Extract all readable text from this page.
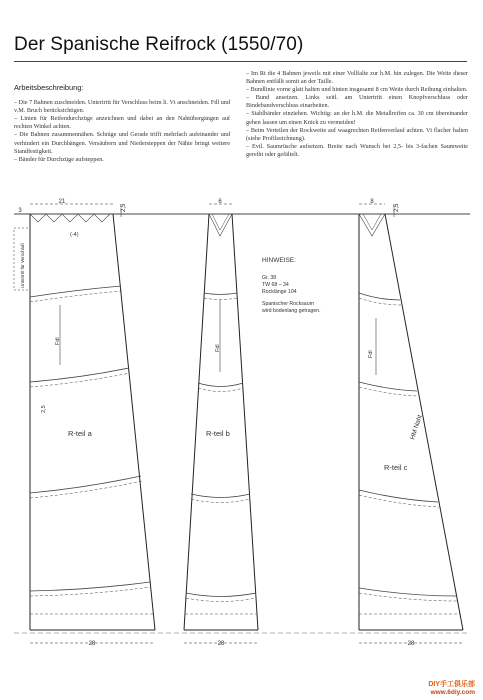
Der Spanische Reifrock (1550/70)
Arbeitsbeschreibung:

– Die 7 Bahnen zuschneiden. Untertritt für Verschluss beim li. Vt anschneiden. Fdl und v.M. Bruch berücksichtigen.

– Linien für Reifendurchzüge anzeichnen und dabei an den Nahtübergängen auf rechten Winkel achten.

– Die Bahnen zusammennähen. Schräge und Gerade trifft mehrfach aufeinander und verhindert ein Durchhängen. Versäubern und Niedersteppen der Nähte bringt weitere Standfestigkeit.

– Bänder für Durchzüge aufsteppen.

– Im Rt die 4 Bahnen jeweils mit einer Vollfalte zur h.M. hin zulegen. Die Weite dieser Bahnen entfällt somit an der Taille.

– Bundlinie vorne glatt halten und hinten insgesamt 8 cm Weite durch Reihung einhalten.

– Bund ansetzen. Links seitl. am Untertritt einen Knopfverschluss oder Bindebandverschluss einarbeiten.

– Stahlbänder einziehen. Wichtig: an der h.M. die Metallreifen ca. 30 cm übereinander gehen lassen um einen Knick zu vermeiden!

– Beim Verteilen der Rockweite auf waagrechten Reifenverlauf achten. Vt flacher halten (siehe Profilzeichnung).

– Evtl. Saumrüsche aufsetzen. Breite nach Wunsch bei 2,5- bis 3-fachen Saumweite gereiht oder gefältelt.

21
2,5
3
(-4)
Untertritt für Verschluß
Fdl
2,5
R-teil a
28
6
Fdl
R-teil b
28
8
2,5
Fdl
HM Naht
R-teil c
28
HINWEISE:
Gr. 38
TW 68 – 34
Rocklänge 104
Spanischer Rocksaum
wird bodenlang getragen.
DIY手工俱乐部
www.6diy.com
